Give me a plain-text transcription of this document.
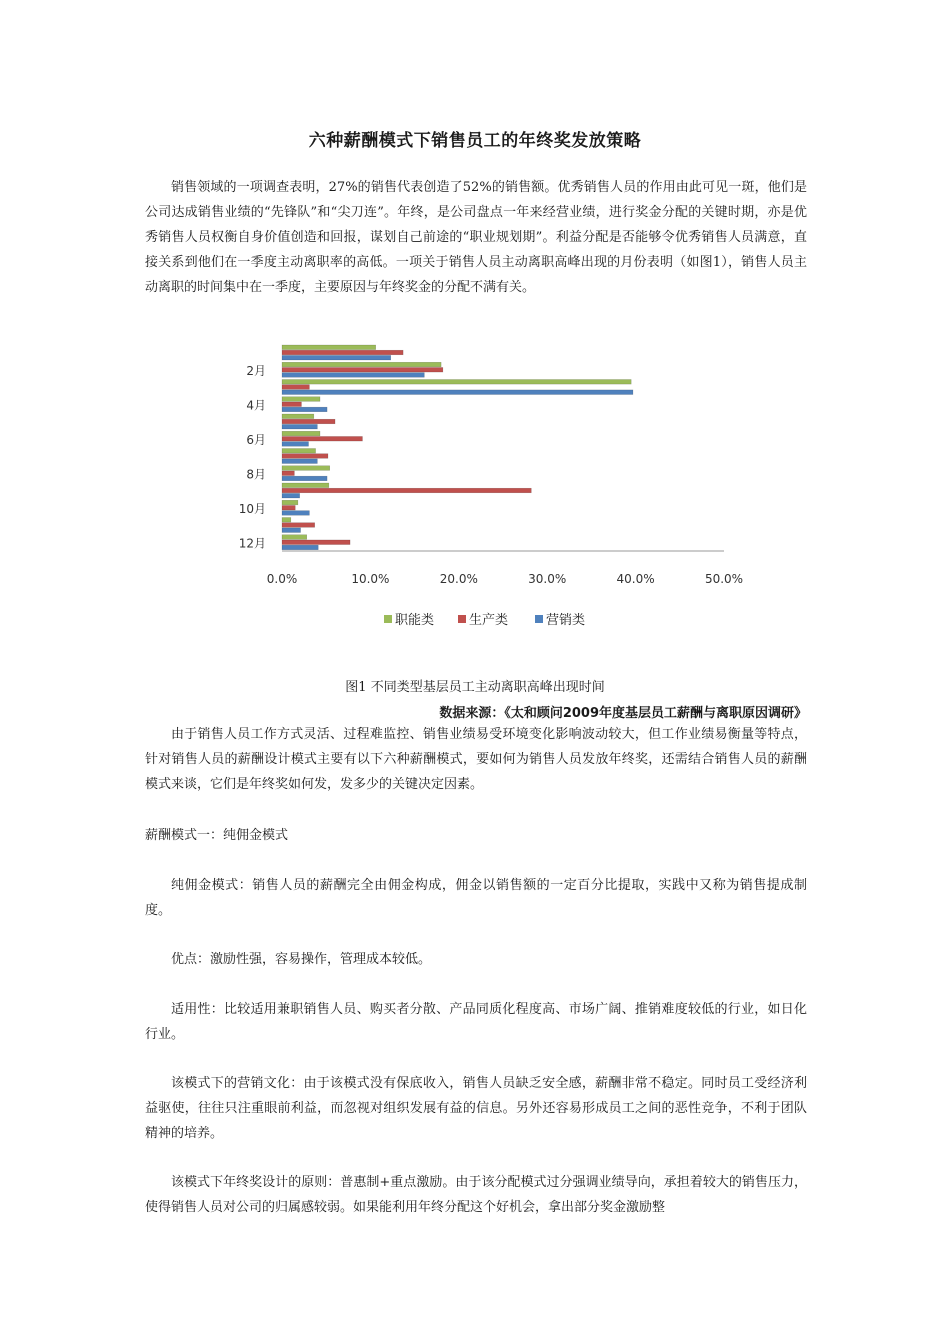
六种薪酬模式下销售员工的年终奖发放策略
销售领域的一项调查表明，27%的销售代表创造了52%的销售额。优秀销售人员的作用由此可见一斑，他们是公司达成销售业绩的“先锋队”和“尖刀连”。年终，是公司盘点一年来经营业绩，进行奖金分配的关键时期，亦是优秀销售人员权衡自身价值创造和回报，谋划自己前途的“职业规划期”。利益分配是否能够令优秀销售人员满意，直接关系到他们在一季度主动离职率的高低。一项关于销售人员主动离职高峰出现的月份表明（如图1），销售人员主动离职的时间集中在一季度，主要原因与年终奖金的分配不满有关。
2月
4月
6月
8月
10月
12月
0.0%	10.0%	20.0%	30.0%	40.0%	50.0%
职能类	生产类	营销类
图1 不同类型基层员工主动离职高峰出现时间
数据来源：《太和顾问2009年度基层员工薪酬与离职原因调研》
由于销售人员工作方式灵活、过程难监控、销售业绩易受环境变化影响波动较大，但工作业绩易衡量等特点，针对销售人员的薪酬设计模式主要有以下六种薪酬模式，要如何为销售人员发放年终奖，还需结合销售人员的薪酬模式来谈，它们是年终奖如何发，发多少的关键决定因素。
薪酬模式一：纯佣金模式
纯佣金模式：销售人员的薪酬完全由佣金构成，佣金以销售额的一定百分比提取，实践中又称为销售提成制度。
优点：激励性强，容易操作，管理成本较低。
适用性：比较适用兼职销售人员、购买者分散、产品同质化程度高、市场广阔、推销难度较低的行业，如日化行业。
该模式下的营销文化：由于该模式没有保底收入，销售人员缺乏安全感，薪酬非常不稳定。同时员工受经济利益驱使，往往只注重眼前利益，而忽视对组织发展有益的信息。另外还容易形成员工之间的恶性竞争，不利于团队精神的培养。
该模式下年终奖设计的原则：普惠制+重点激励。由于该分配模式过分强调业绩导向，承担着较大的销售压力，使得销售人员对公司的归属感较弱。如果能利用年终分配这个好机会，拿出部分奖金激励整
